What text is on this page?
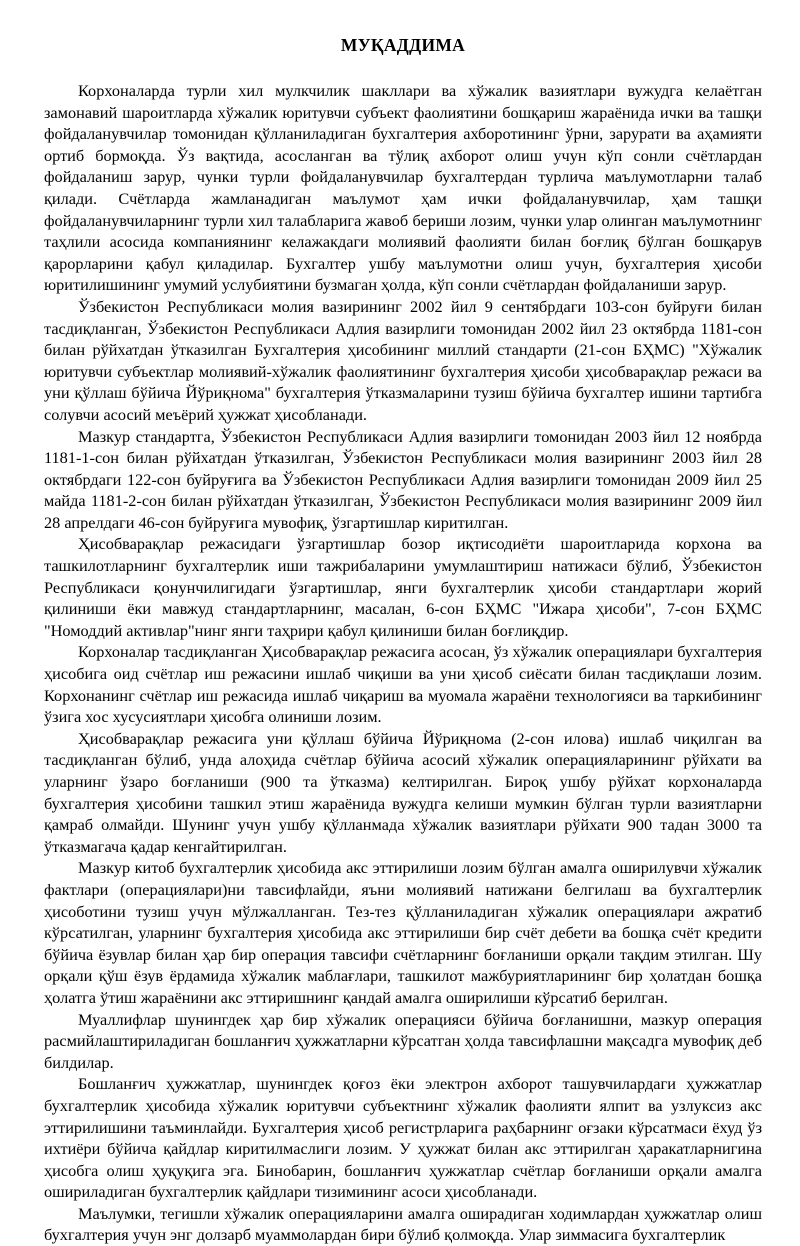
МУҚАДДИМА

Корхоналарда турли хил мулкчилик шакллари ва хўжалик вазиятлари вужудга келаётган замонавий шароитларда хўжалик юритувчи субъект фаолиятини бошқариш жараёнида ички ва ташқи фойдаланувчилар томонидан қўлланиладиган бухгалтерия ахборотининг ўрни, зарурати ва аҳамияти ортиб бормоқда. Ўз вақтида, асосланган ва тўлиқ ахборот олиш учун кўп сонли счётлардан фойдаланиш зарур, чунки турли фойдаланувчилар бухгалтердан турлича маълумотларни талаб қилади. Счётларда жамланадиган маълумот ҳам ички фойдаланувчилар, ҳам ташқи фойдаланувчиларнинг турли хил талабларига жавоб бериши лозим, чунки улар олинган маълумотнинг таҳлили асосида компаниянинг келажакдаги молиявий фаолияти билан боғлиқ бўлган бошқарув қарорларини қабул қиладилар. Бухгалтер ушбу маълумотни олиш учун, бухгалтерия ҳисоби юритилишининг умумий услубиятини бузмаган ҳолда, кўп сонли счётлардан фойдаланиши зарур.

Ўзбекистон Республикаси молия вазирининг 2002 йил 9 сентябрдаги 103-сон буйруғи билан тасдиқланган, Ўзбекистон Республикаси Адлия вазирлиги томонидан 2002 йил 23 октябрда 1181-сон билан рўйхатдан ўтказилган Бухгалтерия ҳисобининг миллий стандарти (21-сон БҲМС) "Хўжалик юритувчи субъектлар молиявий-хўжалик фаолиятининг бухгалтерия ҳисоби ҳисобварақлар режаси ва уни қўллаш бўйича Йўриқнома" бухгалтерия ўтказмаларини тузиш бўйича бухгалтер ишини тартибга солувчи асосий меъёрий ҳужжат ҳисобланади.

Мазкур стандартга, Ўзбекистон Республикаси Адлия вазирлиги томонидан 2003 йил 12 ноябрда 1181-1-сон билан рўйхатдан ўтказилган, Ўзбекистон Республикаси молия вазирининг 2003 йил 28 октябрдаги 122-сон буйруғига ва Ўзбекистон Республикаси Адлия вазирлиги томонидан 2009 йил 25 майда 1181-2-сон билан рўйхатдан ўтказилган, Ўзбекистон Республикаси молия вазирининг 2009 йил 28 апрелдаги 46-сон буйруғига мувофиқ, ўзгартишлар киритилган.

Ҳисобварақлар режасидаги ўзгартишлар бозор иқтисодиёти шароитларида корхона ва ташкилотларнинг бухгалтерлик иши тажрибаларини умумлаштириш натижаси бўлиб, Ўзбекистон Республикаси қонунчилигидаги ўзгартишлар, янги бухгалтерлик ҳисоби стандартлари жорий қилиниши ёки мавжуд стандартларнинг, масалан, 6-сон БҲМС "Ижара ҳисоби", 7-сон БҲМС "Номоддий активлар"нинг янги таҳрири қабул қилиниши билан боғлиқдир.

Корхоналар тасдиқланган Ҳисобварақлар режасига асосан, ўз хўжалик операциялари бухгалтерия ҳисобига оид счётлар иш режасини ишлаб чиқиши ва уни ҳисоб сиёсати билан тасдиқлаши лозим. Корхонанинг счётлар иш режасида ишлаб чиқариш ва муомала жараёни технологияси ва таркибининг ўзига хос хусусиятлари ҳисобга олиниши лозим.

Ҳисобварақлар режасига уни қўллаш бўйича Йўриқнома (2-сон илова) ишлаб чиқилган ва тасдиқланган бўлиб, унда алоҳида счётлар бўйича асосий хўжалик операцияларининг рўйхати ва уларнинг ўзаро боғланиши (900 та ўтказма) келтирилган. Бироқ ушбу рўйхат корхоналарда бухгалтерия ҳисобини ташкил этиш жараёнида вужудга келиши мумкин бўлган турли вазиятларни қамраб олмайди. Шунинг учун ушбу қўлланмада хўжалик вазиятлари рўйхати 900 тадан 3000 та ўтказмагача қадар кенгайтирилган.

Мазкур китоб бухгалтерлик ҳисобида акс эттирилиши лозим бўлган амалга оширилувчи хўжалик фактлари (операциялари)ни тавсифлайди, яъни молиявий натижани белгилаш ва бухгалтерлик ҳисоботини тузиш учун мўлжалланган. Тез-тез қўлланиладиган хўжалик операциялари ажратиб кўрсатилган, уларнинг бухгалтерия ҳисобида акс эттирилиши бир счёт дебети ва бошқа счёт кредити бўйича ёзувлар билан ҳар бир операция тавсифи счётларнинг боғланиши орқали тақдим этилган. Шу орқали қўш ёзув ёрдамида хўжалик маблағлари, ташкилот мажбуриятларининг бир ҳолатдан бошқа ҳолатга ўтиш жараёнини акс эттиришнинг қандай амалга оширилиши кўрсатиб берилган.

Муаллифлар шунингдек ҳар бир хўжалик операцияси бўйича боғланишни, мазкур операция расмийлаштириладиган бошланғич ҳужжатларни кўрсатган ҳолда тавсифлашни мақсадга мувофиқ деб билдилар.

Бошланғич ҳужжатлар, шунингдек қоғоз ёки электрон ахборот ташувчилардаги ҳужжатлар бухгалтерлик ҳисобида хўжалик юритувчи субъектнинг хўжалик фаолияти ялпит ва узлуксиз акс эттирилишини таъминлайди. Бухгалтерия ҳисоб регистрларига раҳбарнинг оғзаки кўрсатмаси ёхуд ўз ихтиёри бўйича қайдлар киритилмаслиги лозим. У ҳужжат билан акс эттирилган ҳаракатларнигина ҳисобга олиш ҳуқуқига эга. Бинобарин, бошланғич ҳужжатлар счётлар боғланиши орқали амалга ошириладиган бухгалтерлик қайдлари тизимининг асоси ҳисобланади.

Маълумки, тегишли хўжалик операцияларини амалга оширадиган ходимлардан ҳужжатлар олиш бухгалтерия учун энг долзарб муаммолардан бири бўлиб қолмоқда. Улар зиммасига бухгалтерлик
